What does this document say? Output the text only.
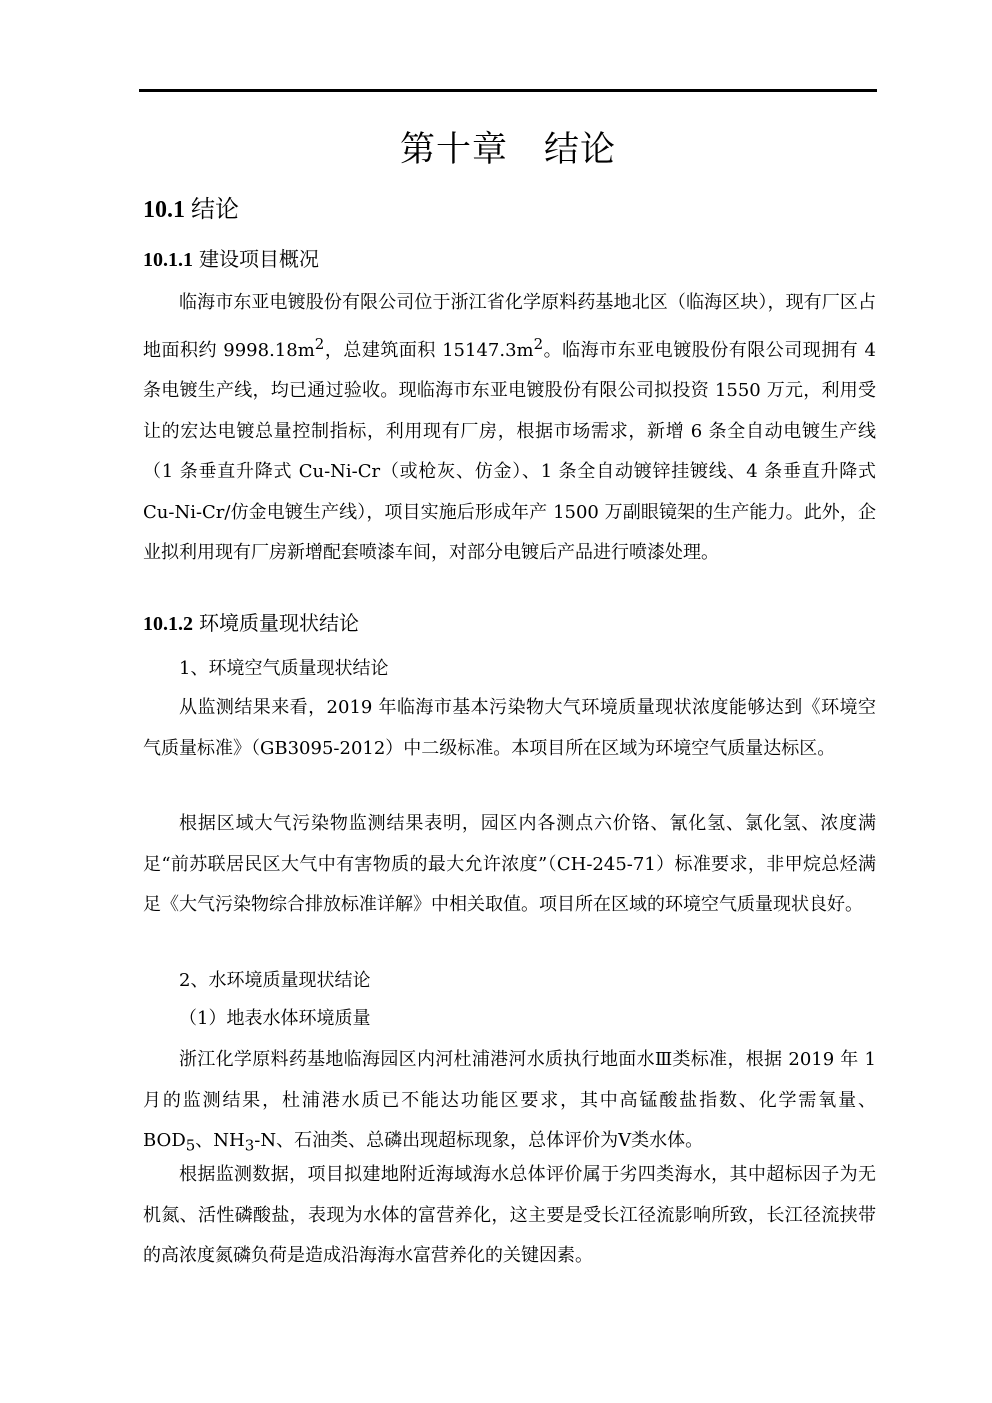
第十章　结论
10.1 结论
10.1.1 建设项目概况
临海市东亚电镀股份有限公司位于浙江省化学原料药基地北区（临海区块），现有厂区占地面积约 $9998.18m^2$，总建筑面积 $15147.3m^2$。临海市东亚电镀股份有限公司现拥有 4 条电镀生产线，均已通过验收。现临海市东亚电镀股份有限公司拟投资 1550 万元，利用受让的宏达电镀总量控制指标，利用现有厂房，根据市场需求，新增 6 条全自动电镀生产线（1 条垂直升降式 Cu-Ni-Cr（或枪灰、仿金）、1 条全自动镀锌挂镀线、4 条垂直升降式 Cu-Ni-Cr/仿金电镀生产线），项目实施后形成年产 1500 万副眼镜架的生产能力。此外，企业拟利用现有厂房新增配套喷漆车间，对部分电镀后产品进行喷漆处理。
10.1.2 环境质量现状结论
1、环境空气质量现状结论
从监测结果来看，2019 年临海市基本污染物大气环境质量现状浓度能够达到《环境空气质量标准》（GB3095-2012）中二级标准。本项目所在区域为环境空气质量达标区。
根据区域大气污染物监测结果表明，园区内各测点六价铬、氰化氢、氯化氢、浓度满足“前苏联居民区大气中有害物质的最大允许浓度”（CH-245-71）标准要求，非甲烷总烃满足《大气污染物综合排放标准详解》中相关取值。项目所在区域的环境空气质量现状良好。
2、水环境质量现状结论
（1）地表水体环境质量
浙江化学原料药基地临海园区内河杜浦港河水质执行地面水Ⅲ类标准，根据 2019 年 1 月的监测结果，杜浦港水质已不能达功能区要求，其中高锰酸盐指数、化学需氧量、$BOD_5$、$NH_3-N$、石油类、总磷出现超标现象，总体评价为Ⅴ类水体。
根据监测数据，项目拟建地附近海域海水总体评价属于劣四类海水，其中超标因子为无机氮、活性磷酸盐，表现为水体的富营养化，这主要是受长江径流影响所致，长江径流挟带的高浓度氮磷负荷是造成沿海海水富营养化的关键因素。
